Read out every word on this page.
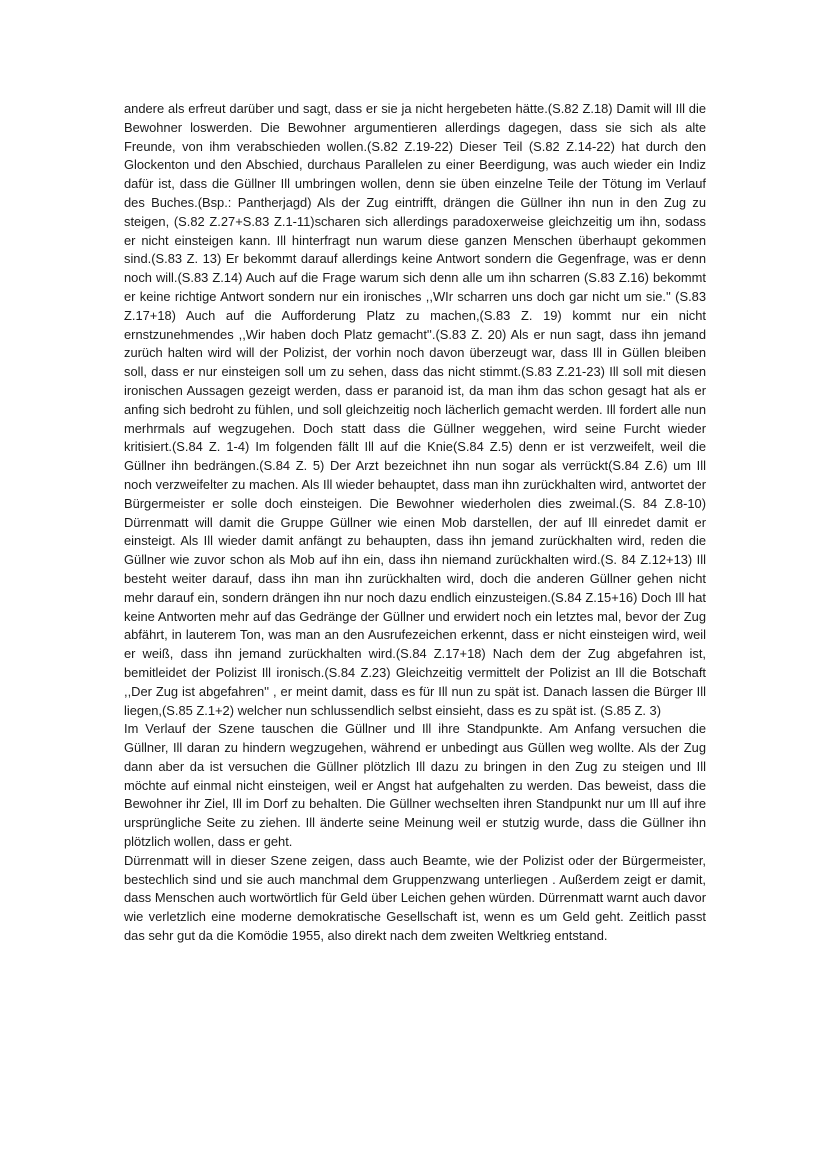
andere als erfreut darüber und sagt, dass er sie ja nicht hergebeten hätte.(S.82 Z.18) Damit will Ill die Bewohner loswerden. Die Bewohner argumentieren allerdings dagegen, dass sie sich als alte Freunde, von ihm verabschieden wollen.(S.82 Z.19-22) Dieser Teil (S.82 Z.14-22) hat durch den Glockenton und den Abschied, durchaus Parallelen zu einer Beerdigung, was auch wieder ein Indiz dafür ist, dass die Güllner Ill umbringen wollen, denn sie üben einzelne Teile der Tötung im Verlauf des Buches.(Bsp.: Pantherjagd) Als der Zug eintrifft, drängen die Güllner ihn nun in den Zug zu steigen, (S.82 Z.27+S.83 Z.1-11)scharen sich allerdings paradoxerweise gleichzeitig um ihn, sodass er nicht einsteigen kann. Ill hinterfragt nun warum diese ganzen Menschen überhaupt gekommen sind.(S.83 Z. 13) Er bekommt darauf allerdings keine Antwort sondern die Gegenfrage, was er denn noch will.(S.83 Z.14) Auch auf die Frage warum sich denn alle um ihn scharren (S.83 Z.16) bekommt er keine richtige Antwort sondern nur ein ironisches ,,WIr scharren uns doch gar nicht um sie.'' (S.83 Z.17+18) Auch auf die Aufforderung Platz zu machen,(S.83 Z. 19) kommt nur ein nicht ernstzunehmendes ,,Wir haben doch Platz gemacht''.(S.83 Z. 20) Als er nun sagt, dass ihn jemand zurüch halten wird will der Polizist, der vorhin noch davon überzeugt war, dass Ill in Güllen bleiben soll, dass er nur einsteigen soll um zu sehen, dass das nicht stimmt.(S.83 Z.21-23) Ill soll mit diesen ironischen Aussagen gezeigt werden, dass er paranoid ist, da man ihm das schon gesagt hat als er anfing sich bedroht zu fühlen, und soll gleichzeitig noch lächerlich gemacht werden. Ill fordert alle nun merhrmals auf wegzugehen. Doch statt dass die Güllner weggehen, wird seine Furcht wieder kritisiert.(S.84 Z. 1-4) Im folgenden fällt Ill auf die Knie(S.84 Z.5) denn er ist verzweifelt, weil die Güllner ihn bedrängen.(S.84 Z. 5) Der Arzt bezeichnet ihn nun sogar als verrückt(S.84 Z.6) um Ill noch verzweifelter zu machen. Als Ill wieder behauptet, dass man ihn zurückhalten wird, antwortet der Bürgermeister er solle doch einsteigen. Die Bewohner wiederholen dies zweimal.(S. 84 Z.8-10) Dürrenmatt will damit die Gruppe Güllner wie einen Mob darstellen, der auf Ill einredet damit er einsteigt. Als Ill wieder damit anfängt zu behaupten, dass ihn jemand zurückhalten wird, reden die Güllner wie zuvor schon als Mob auf ihn ein, dass ihn niemand zurückhalten wird.(S. 84 Z.12+13) Ill besteht weiter darauf, dass ihn man ihn zurückhalten wird, doch die anderen Güllner gehen nicht mehr darauf ein, sondern drängen ihn nur noch dazu endlich einzusteigen.(S.84 Z.15+16) Doch Ill hat keine Antworten mehr auf das Gedränge der Güllner und erwidert noch ein letztes mal, bevor der Zug abfährt, in lauterem Ton, was man an den Ausrufezeichen erkennt, dass er nicht einsteigen wird, weil er weiß, dass ihn jemand zurückhalten wird.(S.84 Z.17+18) Nach dem der Zug abgefahren ist, bemitleidet der Polizist Ill ironisch.(S.84 Z.23) Gleichzeitig vermittelt der Polizist an Ill die Botschaft ,,Der Zug ist abgefahren'' , er meint damit, dass es für Ill nun zu spät ist. Danach lassen die Bürger Ill liegen,(S.85 Z.1+2) welcher nun schlussendlich selbst einsieht, dass es zu spät ist. (S.85 Z. 3)

Im Verlauf der Szene tauschen die Güllner und Ill ihre Standpunkte. Am Anfang versuchen die Güllner, Ill daran zu hindern wegzugehen, während er unbedingt aus Güllen weg wollte. Als der Zug dann aber da ist versuchen die Güllner plötzlich Ill dazu zu bringen in den Zug zu steigen und Ill möchte auf einmal nicht einsteigen, weil er Angst hat aufgehalten zu werden. Das beweist, dass die Bewohner ihr Ziel, Ill im Dorf zu behalten. Die Güllner wechselten ihren Standpunkt nur um Ill auf ihre ursprüngliche Seite zu ziehen. Ill änderte seine Meinung weil er stutzig wurde, dass die Güllner ihn plötzlich wollen, dass er geht.

Dürrenmatt will in dieser Szene zeigen, dass auch Beamte, wie der Polizist oder der Bürgermeister, bestechlich sind und sie auch manchmal dem Gruppenzwang unterliegen . Außerdem zeigt er damit, dass Menschen auch wortwörtlich für Geld über Leichen gehen würden. Dürrenmatt warnt auch davor wie verletzlich eine moderne demokratische Gesellschaft ist, wenn es um Geld geht. Zeitlich passt das sehr gut da die Komödie 1955, also direkt nach dem zweiten Weltkrieg entstand.
